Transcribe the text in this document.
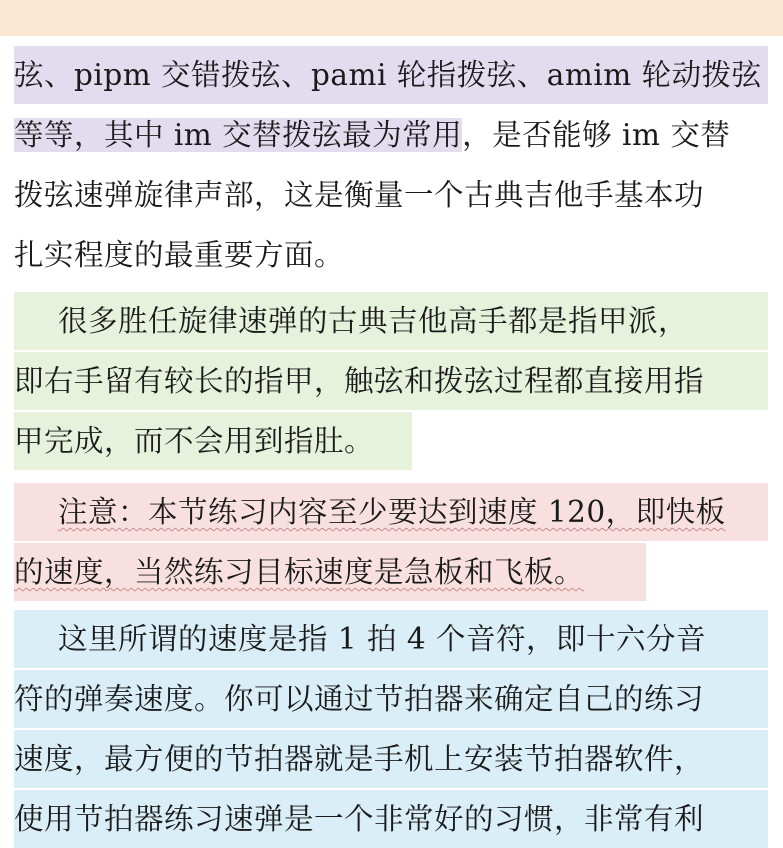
弦、pipm 交错拨弦、pami 轮指拨弦、amim 轮动拨弦
等等，其中 im 交替拨弦最为常用，是否能够 im 交替
拨弦速弹旋律声部，这是衡量一个古典吉他手基本功
扎实程度的最重要方面。
很多胜任旋律速弹的古典吉他高手都是指甲派，
即右手留有较长的指甲，触弦和拨弦过程都直接用指
甲完成，而不会用到指肚。
注意：本节练习内容至少要达到速度 120，即快板
的速度，当然练习目标速度是急板和飞板。
这里所谓的速度是指 1 拍 4 个音符，即十六分音
符的弹奏速度。你可以通过节拍器来确定自己的练习
速度，最方便的节拍器就是手机上安装节拍器软件，
使用节拍器练习速弹是一个非常好的习惯，非常有利
